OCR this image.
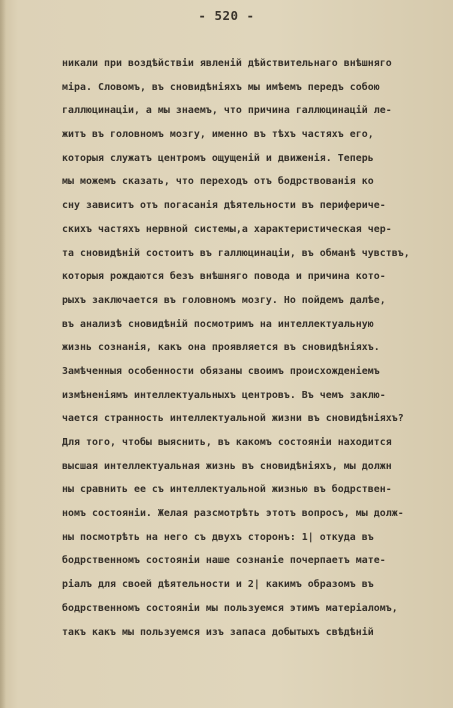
- 520 -
никали при воздѣйствiи явленiй дѣйствительнаго внѣшняго
мiра. Словомъ, въ сновидѣнiяхъ мы имѣемъ передъ собою
галлюцинацiи, а мы знаемъ, что причина галлюцинацiй ле-
житъ въ головномъ мозгу, именно въ тѣхъ частяхъ его,
которыя служатъ центромъ ощущенiй и движенiя. Теперь
мы можемъ сказать, что переходъ отъ бодрствованiя ко
сну зависитъ отъ погасанiя дѣятельности въ перифериче-
скихъ частяхъ нервной системы,а характеристическая чер-
та сновидѣнiй состоитъ въ галлюцинацiи, въ обманѣ чувствъ,
которыя рождаются безъ внѣшняго повода и причина кото-
рыхъ заключается въ головномъ мозгу. Но пойдемъ далѣе,
въ анализѣ сновидѣнiй посмотримъ на интеллектуальную
жизнь сознанiя, какъ она проявляется въ сновидѣнiяхъ.
Замѣченныя особенности обязаны своимъ происхожденiемъ
измѣненiямъ интеллектуальныхъ центровъ. Въ чемъ заклю-
чается странность интеллектуальной жизни въ сновидѣнiяхъ?
Для того, чтобы выяснить, въ какомъ состоянiи находится
высшая интеллектуальная жизнь въ сновидѣнiяхъ, мы должн
ны сравнить ее съ интеллектуальной жизнью въ бодрствен-
номъ состоянiи. Желая разсмотрѣть этотъ вопросъ, мы долж-
ны посмотрѣть на него съ двухъ сторонъ: 1| откуда въ
бодрственномъ состоянiи наше сознанiе почерпаетъ мате-
рiалъ для своей дѣятельности и 2| какимъ образомъ въ
бодрственномъ состоянiи мы пользуемся этимъ матерiаломъ,
такъ какъ мы пользуемся изъ запаса добытыхъ свѣдѣнiй
